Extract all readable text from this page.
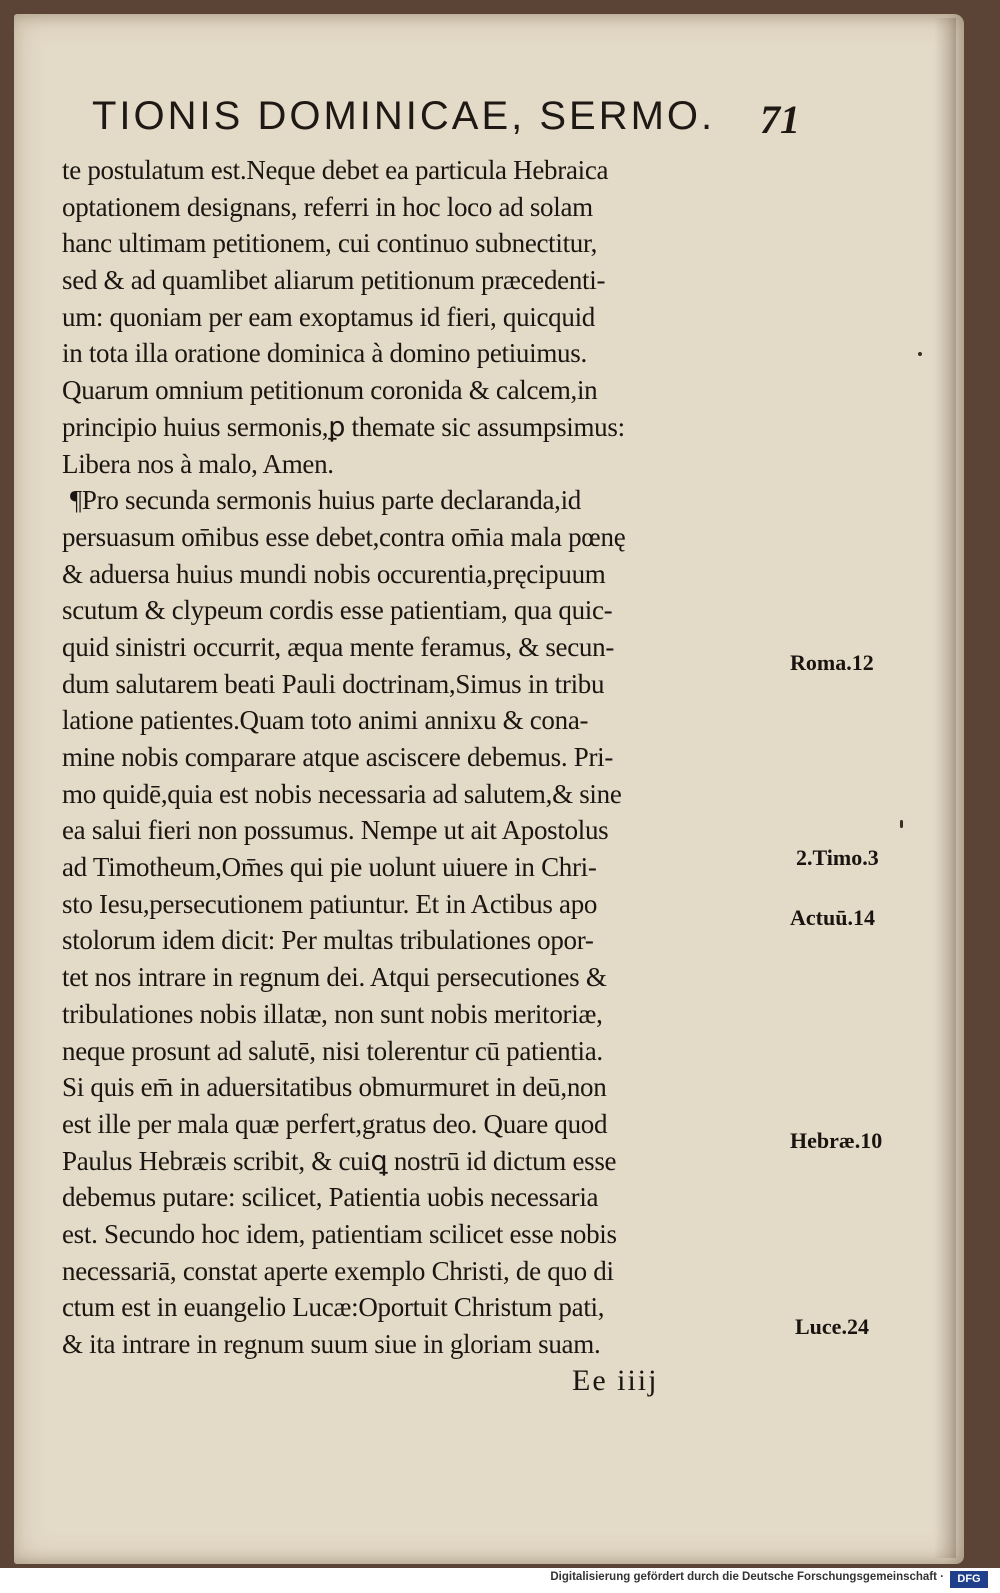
TIONIS DOMINICAE, SERMO. 71
te postulatum est.Neque debet ea particula Hebraica
optationem designans, referri in hoc loco ad solam
hanc ultimam petitionem, cui continuo subnectitur,
sed & ad quamlibet aliarum petitionum præcedenti-
um: quoniam per eam exoptamus id fieri, quicquid
in tota illa oratione dominica à domino petiuimus.
Quarum omnium petitionum coronida & calcem,in
principio huius sermonis,ꝑ themate sic assumpsimus:
Libera nos à malo, Amen.
¶Pro secunda sermonis huius parte declaranda,id
persuasum om̄ibus esse debet,contra om̄ia mala pœnę
& aduersa huius mundi nobis occurentia,pręcipuum
scutum & clypeum cordis esse patientiam, qua quic-
quid sinistri occurrit, æqua mente feramus, & secun-
dum salutarem beati Pauli doctrinam,Simus in tribu
latione patientes.Quam toto animi annixu & cona-
mine nobis comparare atque asciscere debemus. Pri-
mo quidē,quia est nobis necessaria ad salutem,& sine
ea salui fieri non possumus. Nempe ut ait Apostolus
ad Timotheum,Om̄es qui pie uolunt uiuere in Chri-
sto Iesu,persecutionem patiuntur. Et in Actibus apo
stolorum idem dicit: Per multas tribulationes opor-
tet nos intrare in regnum dei. Atqui persecutiones &
tribulationes nobis illatæ, non sunt nobis meritoriæ,
neque prosunt ad salutē, nisi tolerentur cū patientia.
Si quis em̄ in aduersitatibus obmurmuret in deū,non
est ille per mala quæ perfert,gratus deo. Quare quod
Paulus Hebræis scribit, & cuiꝗ nostrū id dictum esse
debemus putare: scilicet, Patientia uobis necessaria
est. Secundo hoc idem, patientiam scilicet esse nobis
necessariā, constat aperte exemplo Christi, de quo di
ctum est in euangelio Lucæ:Oportuit Christum pati,
& ita intrare in regnum suum siue in gloriam suam.
Roma.12
2.Timo.3
Actuū.14
Hebræ.10
Luce.24
Ee iiij
Digitalisierung gefördert durch die Deutsche Forschungsgemeinschaft ·	DFG
